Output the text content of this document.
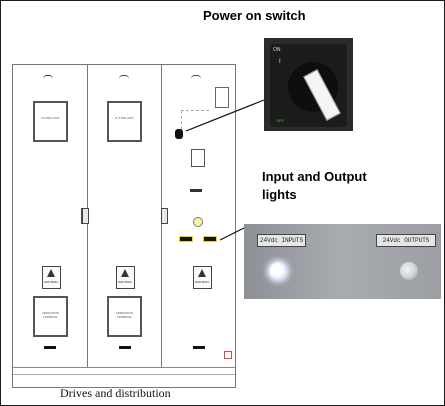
FILTER UNIT
CAUTION
OPERATOR TERMINAL
D-TYPE UNIT
CAUTION
OPERATOR TERMINAL
CAUTION
Power on switch
Input and Output
lights
Drives and distribution
ON
I
OFF
24Vdc INPUTS	24Vdc OUTPUTS
